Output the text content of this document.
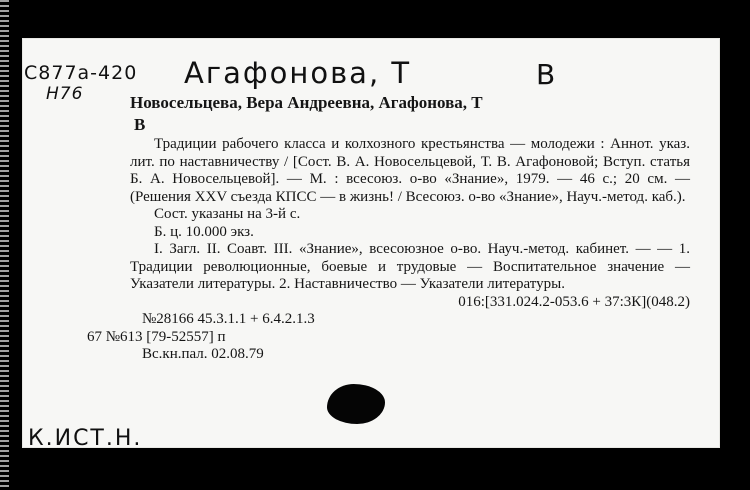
С877а-420
Н76
Агафонова, Т	В
Новосельцева, Вера Андреевна, Агафонова, Т
В

Традиции рабочего класса и колхозного крестьянства — молодежи : Аннот. указ. лит. по наставничеству / [Сост. В. А. Новосельцевой, Т. В. Агафоновой; Вступ. статья Б. А. Новосельцевой]. — М. : всесоюз. о-во «Знание», 1979. — 46 с.; 20 см. — (Решения XXV съезда КПСС — в жизнь! / Всесоюз. о-во «Знание», Науч.-метод. каб.).

Сост. указаны на 3-й с.

Б. ц. 10.000 экз.

I. Загл. II. Соавт. III. «Знание», всесоюзное о-во. Науч.-метод. кабинет. — — 1. Традиции революционные, боевые и трудовые — Воспитательное значение — Указатели литературы. 2. Наставничество — Указатели литературы.

016:[331.024.2-053.6 + 37:3К](048.2)

№28166 45.3.1.1 + 6.4.2.1.3

67 №613 [79-52557] п

Вс.кн.пал. 02.08.79

К.ИСТ.Н.
